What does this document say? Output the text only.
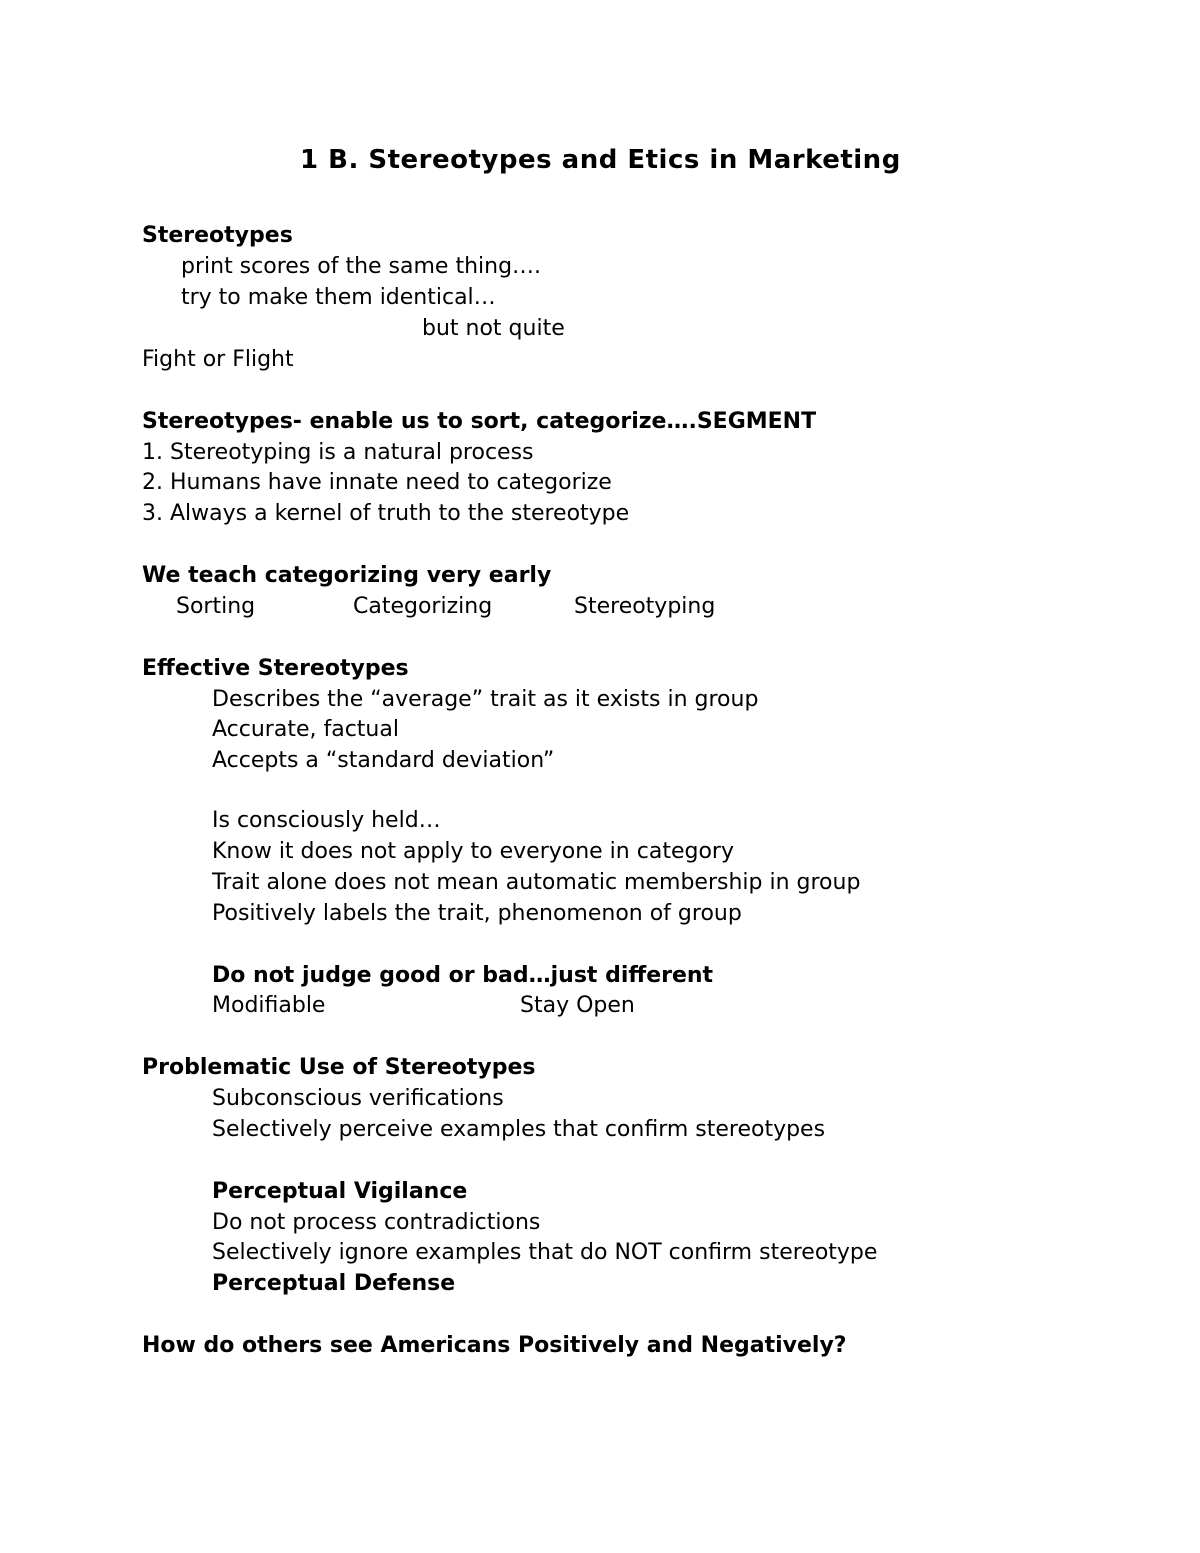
1 B. Stereotypes and Etics in Marketing
Stereotypes
print scores of the same thing….
try to make them identical…
but not quite
Fight or Flight
Stereotypes- enable us to sort, categorize….SEGMENT
1. Stereotyping is a natural process
2. Humans have innate need to categorize
3. Always a kernel of truth to the stereotype
We teach categorizing very early
Sorting	Categorizing	Stereotyping
Effective Stereotypes
Describes the “average” trait as it exists in group
Accurate, factual
Accepts a “standard deviation”
Is consciously held…
Know it does not apply to everyone in category
Trait alone does not mean automatic membership in group
Positively labels the trait, phenomenon of group
Do not judge good or bad…just different
Modifiable	Stay Open
Problematic Use of Stereotypes
Subconscious verifications
Selectively perceive examples that confirm stereotypes
Perceptual Vigilance
Do not process contradictions
Selectively ignore examples that do NOT confirm stereotype
Perceptual Defense
How do others see Americans Positively and Negatively?
